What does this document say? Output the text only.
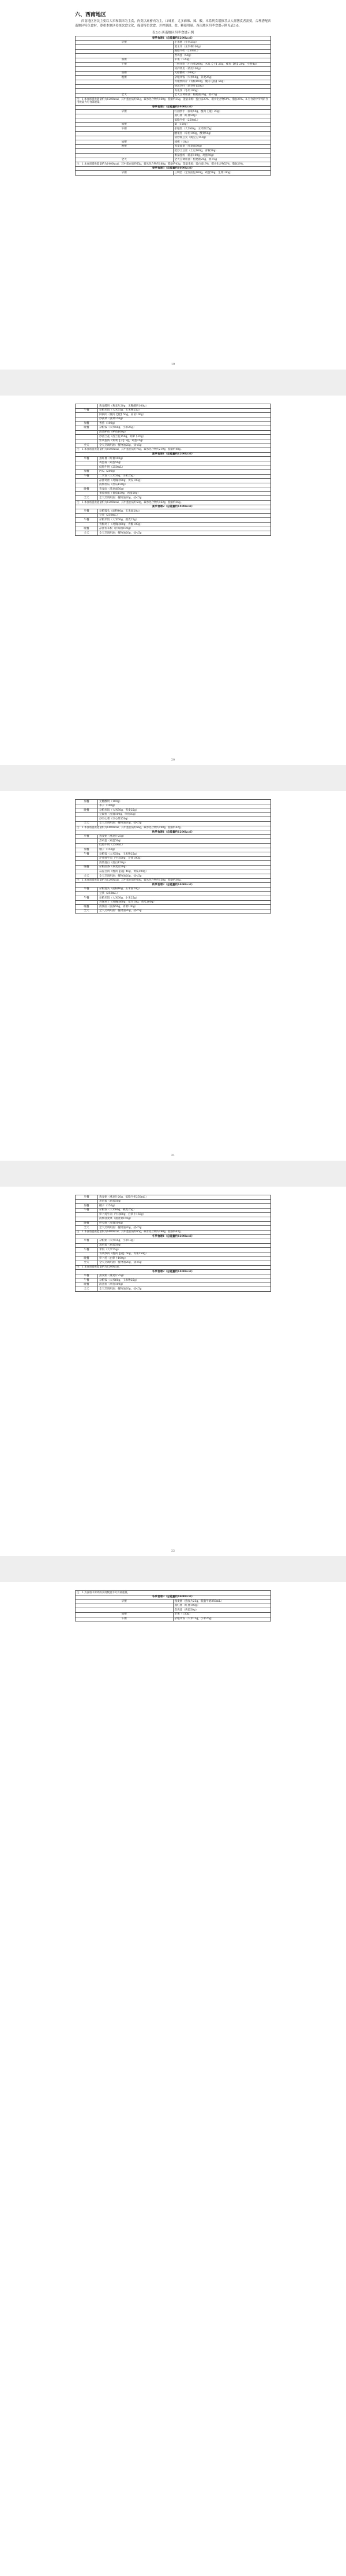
六、西南地区

西南地区居民主要以大米和糯米为主食，肉类以禽畜肉为主，口味重，尤多麻辣、辣、酸。本系列食谱推荐从人群膳食者需要，合理搭配西南地区特色食材，尊重本地区传统饮食文化，保留特色饮食，并控制油、盐、糖使用量。西南地区四季食谱示例见表3.6。

表3.6 西南地区四季食谱示例
春季食谱1（总能量约1200kcal）	
早餐	小米粥（小米25g）
	蒸玉米（玉米棒100g）
	脱脂牛奶（250mL）
	煮鸡蛋（50g）
加餐	苹果（120g）
午餐	三鲜米粉（小白菜200g，木耳【干】25g，瘦肉【猪】20g，小葱4g）
	凉拌黄瓜（黄瓜100g）
加餐	无糖酸奶（100g）
晚餐	杂粮米饭（大米50g，荞麦25g）
	青椒炒肉片（青椒100g，瘦肉【猪】50g）
	炒莴笋叶（莴笋叶150g）
	冬瓜汤（冬瓜100g）
全天	全天烹调用油：植物油20g，盐<5g
注：1.本食谱提供能量约为1200kcal，其中蛋白质约61g，碳水化合物约160g，脂肪约35g，能量来源：蛋白质20%，碳水化合物54%，脂肪26%。2.为食谱中所列的食用数量为可食部重量。	
春季食谱2（总能量约1400kcal）	
早餐	红油抄手（面粉50g，瘦肉【猪】20g）
	蒸红薯（红薯50g）
	低脂牛奶（250mL）
加餐	梨（150g）
午餐	杂粮饭（大米60g，玉米糁25g）
	酸菜鱼（草鱼100g，酸菜50g）
	清炒豌豆尖（豌豆尖150g）
加餐	核桃（10g）
晚餐	荞麦面条（荞麦面50g）
	炝炒土豆丝（土豆100g，青椒30g）
	番茄蛋汤（番茄100g，鸡蛋50g）
全天	全天烹调用油：植物油20g，盐<5g
注：1.本食谱提供能量约为1400kcal，其中蛋白质约65g，碳水化合物约188g，脂肪约43g，能量来源：蛋白质19%，碳水化合物53%，脂肪28%。	
春季食谱3（总能量约1600kcal）	
早餐	三明治（全麦面包100g，鸡蛋50g，生菜100g）
19
	燕麦酸奶（燕麦片20g，无糖酸奶100g）
午餐	杂粮米饭（大米75g，玉米糁25g）
	回锅肉（瘦肉【猪】50g，蒜苗100g）
	炒菠菜（菠菜150g）
加餐	香蕉（100g）
晚餐	杂粮饭（大米50g，小米25g）
	清蒸鲈鱼（鲈鱼100g）
	炒西兰花（西兰花150g，胡萝卜20g）
	紫菜蛋汤（紫菜【干】2g，鸡蛋25g）
全天	全天烹调用油：植物油25g，盐<5g
注：1.本食谱提供能量约为1600kcal，其中蛋白质约76g，碳水化合物约219g，脂肪约48g。	
夏季食谱1（总能量约1200kcal）	
早餐	蒸红薯（红薯100g）
	鸡蛋羹（鸡蛋50g）
	低脂牛奶（250mL）
加餐	西瓜（200g）
午餐	二米饭（大米50g，小米25g）
	凉拌鸡丝（鸡胸肉50g，黄瓜100g）
	清炒丝瓜（丝瓜150g）
晚餐	荞麦面（荞麦面50g）
	番茄炒蛋（番茄150g，鸡蛋50g）
全天	全天烹调用油：植物油20g，盐<5g
注：1.本食谱提供能量约为1200kcal，其中蛋白质约59g，碳水化合物约162g，脂肪约36g。	
夏季食谱2（总能量约1400kcal）	
早餐	杂粮馒头（面粉40g，玉米面20g）
	豆浆（250mL）
午餐	杂粮米饭（大米60g，燕麦25g）
	青椒鸡丁（鸡胸肉60g，青椒100g）
晚餐	凉拌折耳根（折耳根100g）
全天	全天烹调用油：植物油20g，盐<5g
20
加餐	无糖酸奶（100g）
	李子（100g）
晚餐	杂粮米饭（大米50g，荞麦25g）
	豆腐鱼（豆腐100g，草鱼50g）
	炒空心菜（空心菜150g）
全天	全天烹调用油：植物油20g，盐<5g
注：1.本食谱提供能量约为1400kcal，其中蛋白质约66g，碳水化合物约190g，脂肪约42g。	
秋季食谱1（总能量约1200kcal）	
早餐	燕麦粥（燕麦片25g）
	煮鸡蛋（鸡蛋50g）
	低脂牛奶（250mL）
加餐	柚子（150g）
午餐	杂粮饭（大米50g，玉米糁25g）
	芹菜炒牛肉（牛肉50g，芹菜100g）
	清炒莲白（莲白150g）
晚餐	杂粮面条（荞麦面50g）
	蒜泥白肉（瘦肉【猪】40g，黄瓜100g）
全天	全天烹调用油：植物油20g，盐<5g
注：1.本食谱提供能量约为1200kcal，其中蛋白质约60g，碳水化合物约158g，脂肪约36g。	
秋季食谱2（总能量约1400kcal）	
早餐	杂粮馒头（面粉40g，玉米面20g）
	豆浆（250mL）
午餐	杂粮米饭（大米60g，小米25g）
	宫保鸡丁（鸡胸肉60g，花生10g，黄瓜100g）
晚餐	清汤面（面条50g，青菜100g）
全天	全天烹调用油：植物油20g，盐<5g
21
早餐	燕麦粥（燕麦片20g，低脂牛奶250mL）
	煮鸡蛋（鸡蛋50g）
加餐	橘子（150g）
午餐	杂粮饭（大米60g，燕麦25g）
	萝卜炖牛肉（牛肉60g，白萝卜150g）
	清炒油麦菜（油麦菜150g）
晚餐	拌豆腐（豆腐100g）
全天	全天烹调用油：植物油20g，盐<5g
注：1.本食谱提供能量约为1400kcal，其中蛋白质约65g，碳水化合物约190g，脂肪约43g。	
冬季食谱1（总能量约1200kcal）	
早餐	杂粮粥（大米15g，小米10g）
	蒸鸡蛋（鸡蛋50g）
午餐	米饭（大米75g）
	青菜炒肉（瘦肉【猪】50g，青菜150g）
晚餐	萝卜汤（白萝卜100g）
全天	全天烹调用油：植物油20g，盐<5g
注：1.本食谱提供能量约为1200kcal。	
冬季食谱2（总能量约1400kcal）	
早餐	燕麦粥（燕麦片25g）
午餐	杂粮饭（大米60g，玉米糁25g）
晚餐	清蒸鱼（草鱼100g）
全天	全天烹调用油：植物油20g，盐<5g
22
注：2.为食谱中所列的食用数量为可食部重量。	
冬季食谱3（总能量约1600kcal）	
早餐	燕麦粥（燕麦片25g，低脂牛奶250mL）
	蒸红薯（红薯100g）
	煮鸡蛋（鸡蛋50g）
加餐	苹果（150g）
午餐	杂粮米饭（大米75g，小米25g）
